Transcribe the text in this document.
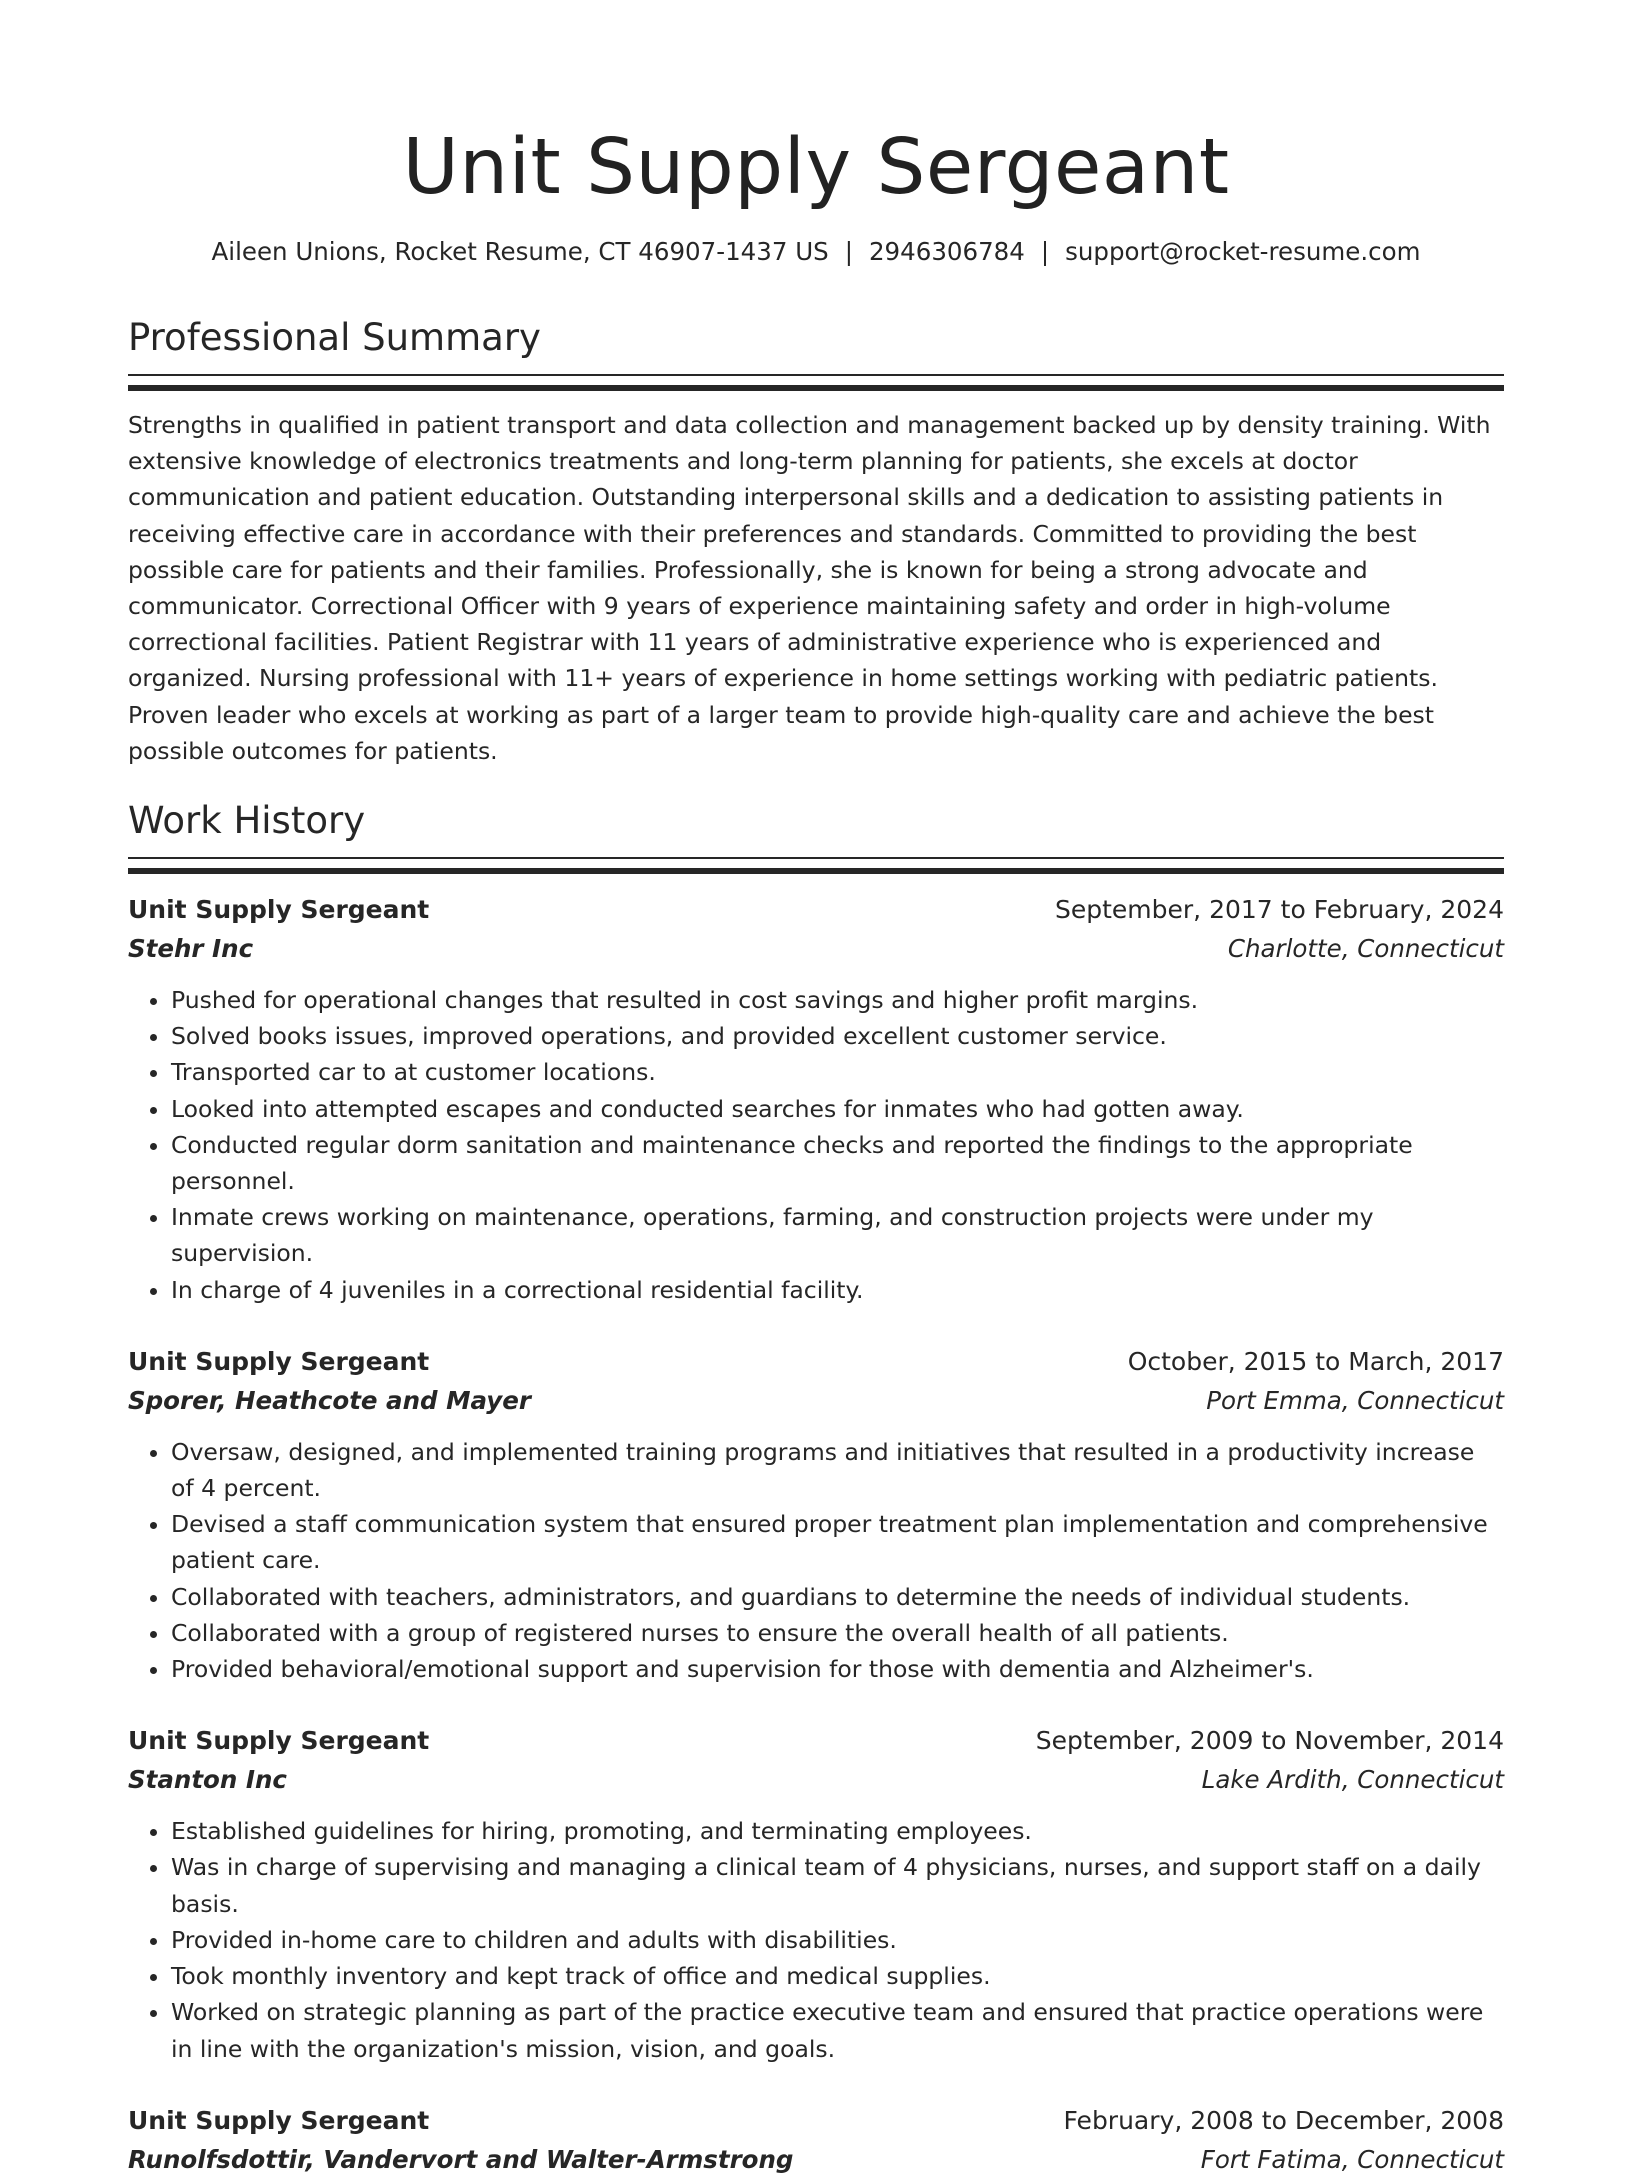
Unit Supply Sergeant
Aileen Unions, Rocket Resume, CT 46907-1437 US | 2946306784 | support@rocket-resume.com
Professional Summary

Strengths in qualified in patient transport and data collection and management backed up by density training. With extensive knowledge of electronics treatments and long-term planning for patients, she excels at doctor communication and patient education. Outstanding interpersonal skills and a dedication to assisting patients in receiving effective care in accordance with their preferences and standards. Committed to providing the best possible care for patients and their families. Professionally, she is known for being a strong advocate and communicator. Correctional Officer with 9 years of experience maintaining safety and order in high-volume correctional facilities. Patient Registrar with 11 years of administrative experience who is experienced and organized. Nursing professional with 11+ years of experience in home settings working with pediatric patients. Proven leader who excels at working as part of a larger team to provide high-quality care and achieve the best possible outcomes for patients.

Work History
Unit Supply Sergeant	September, 2017 to February, 2024
Stehr Inc	Charlotte, Connecticut
• Pushed for operational changes that resulted in cost savings and higher profit margins.
• Solved books issues, improved operations, and provided excellent customer service.
• Transported car to at customer locations.
• Looked into attempted escapes and conducted searches for inmates who had gotten away.
• Conducted regular dorm sanitation and maintenance checks and reported the findings to the appropriate personnel.
• Inmate crews working on maintenance, operations, farming, and construction projects were under my supervision.
• In charge of 4 juveniles in a correctional residential facility.
Unit Supply Sergeant	October, 2015 to March, 2017
Sporer, Heathcote and Mayer	Port Emma, Connecticut
• Oversaw, designed, and implemented training programs and initiatives that resulted in a productivity increase of 4 percent.
• Devised a staff communication system that ensured proper treatment plan implementation and comprehensive patient care.
• Collaborated with teachers, administrators, and guardians to determine the needs of individual students.
• Collaborated with a group of registered nurses to ensure the overall health of all patients.
• Provided behavioral/emotional support and supervision for those with dementia and Alzheimer's.
Unit Supply Sergeant	September, 2009 to November, 2014
Stanton Inc	Lake Ardith, Connecticut
• Established guidelines for hiring, promoting, and terminating employees.
• Was in charge of supervising and managing a clinical team of 4 physicians, nurses, and support staff on a daily basis.
• Provided in-home care to children and adults with disabilities.
• Took monthly inventory and kept track of office and medical supplies.
• Worked on strategic planning as part of the practice executive team and ensured that practice operations were in line with the organization's mission, vision, and goals.
Unit Supply Sergeant	February, 2008 to December, 2008
Runolfsdottir, Vandervort and Walter-Armstrong	Fort Fatima, Connecticut
